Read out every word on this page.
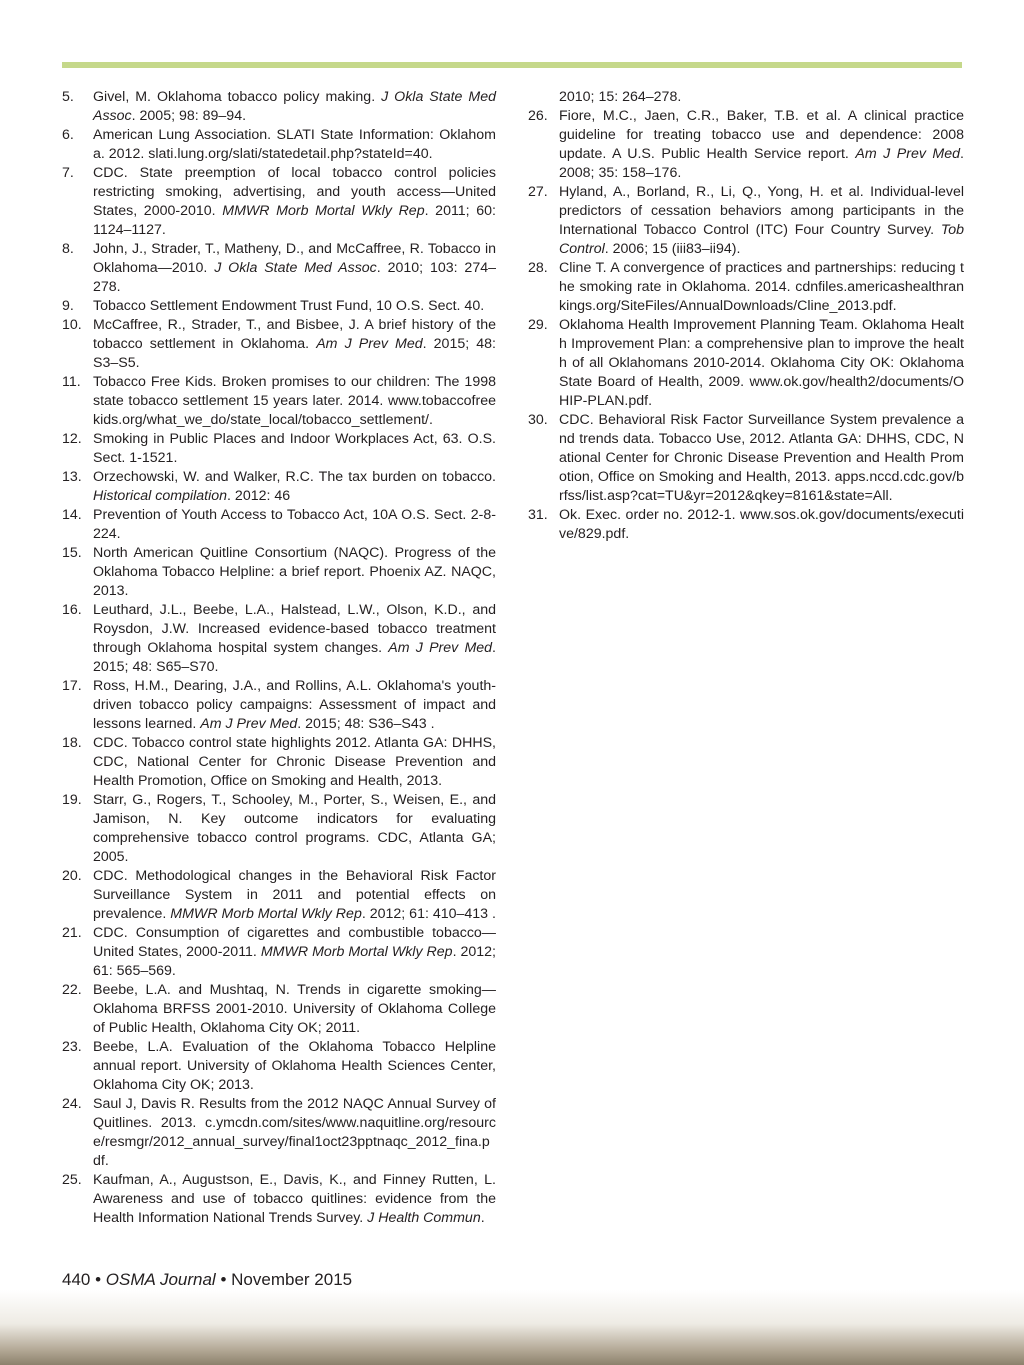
5.	Givel, M. Oklahoma tobacco policy making. J Okla State Med Assoc. 2005; 98: 89–94.
6.	American Lung Association. SLATI State Information: Oklahoma. 2012. slati.lung.org/slati/statedetail.php?stateId=40.
7.	CDC. State preemption of local tobacco control policies restricting smoking, advertising, and youth access—United States, 2000-2010. MMWR Morb Mortal Wkly Rep. 2011; 60: 1124–1127.
8.	John, J., Strader, T., Matheny, D., and McCaffree, R. Tobacco in Oklahoma—2010. J Okla State Med Assoc. 2010; 103: 274–278.
9.	Tobacco Settlement Endowment Trust Fund, 10 O.S. Sect. 40.
10. McCaffree, R., Strader, T., and Bisbee, J. A brief history of the tobacco settlement in Oklahoma. Am J Prev Med. 2015; 48: S3–S5.
11. Tobacco Free Kids. Broken promises to our children: The 1998 state tobacco settlement 15 years later. 2014. www.tobaccofreekids.org/what_we_do/state_local/tobacco_settlement/.
12. Smoking in Public Places and Indoor Workplaces Act, 63. O.S. Sect. 1-1521.
13. Orzechowski, W. and Walker, R.C. The tax burden on tobacco. Historical compilation. 2012: 46
14. Prevention of Youth Access to Tobacco Act, 10A O.S. Sect. 2-8-224.
15. North American Quitline Consortium (NAQC). Progress of the Oklahoma Tobacco Helpline: a brief report. Phoenix AZ. NAQC, 2013.
16. Leuthard, J.L., Beebe, L.A., Halstead, L.W., Olson, K.D., and Roysdon, J.W. Increased evidence-based tobacco treatment through Oklahoma hospital system changes. Am J Prev Med. 2015; 48: S65–S70.
17. Ross, H.M., Dearing, J.A., and Rollins, A.L. Oklahoma's youth-driven tobacco policy campaigns: Assessment of impact and lessons learned. Am J Prev Med. 2015; 48: S36–S43 .
18. CDC. Tobacco control state highlights 2012. Atlanta GA: DHHS, CDC, National Center for Chronic Disease Prevention and Health Promotion, Office on Smoking and Health, 2013.
19. Starr, G., Rogers, T., Schooley, M., Porter, S., Weisen, E., and Jamison, N. Key outcome indicators for evaluating comprehensive tobacco control programs. CDC, Atlanta GA; 2005.
20. CDC. Methodological changes in the Behavioral Risk Factor Surveillance System in 2011 and potential effects on prevalence. MMWR Morb Mortal Wkly Rep. 2012; 61: 410–413 .
21. CDC. Consumption of cigarettes and combustible tobacco—United States, 2000-2011. MMWR Morb Mortal Wkly Rep. 2012; 61: 565–569.
22. Beebe, L.A. and Mushtaq, N. Trends in cigarette smoking—Oklahoma BRFSS 2001-2010. University of Oklahoma College of Public Health, Oklahoma City OK; 2011.
23. Beebe, L.A. Evaluation of the Oklahoma Tobacco Helpline annual report. University of Oklahoma Health Sciences Center, Oklahoma City OK; 2013.
24. Saul J, Davis R. Results from the 2012 NAQC Annual Survey of Quitlines. 2013. c.ymcdn.com/sites/www.naquitline.org/resource/resmgr/2012_annual_survey/final1oct23pptnaqc_2012_fina.pdf.
25. Kaufman, A., Augustson, E., Davis, K., and Finney Rutten, L. Awareness and use of tobacco quitlines: evidence from the Health Information National Trends Survey. J Health Commun.
2010; 15: 264–278.
26. Fiore, M.C., Jaen, C.R., Baker, T.B. et al. A clinical practice guideline for treating tobacco use and dependence: 2008 update. A U.S. Public Health Service report. Am J Prev Med. 2008; 35: 158–176.
27. Hyland, A., Borland, R., Li, Q., Yong, H. et al. Individual-level predictors of cessation behaviors among participants in the International Tobacco Control (ITC) Four Country Survey. Tob Control. 2006; 15 (iii83–ii94).
28. Cline T. A convergence of practices and partnerships: reducing the smoking rate in Oklahoma. 2014. cdnfiles.americashealthrankings.org/SiteFiles/AnnualDownloads/Cline_2013.pdf.
29. Oklahoma Health Improvement Planning Team. Oklahoma Health Improvement Plan: a comprehensive plan to improve the health of all Oklahomans 2010-2014. Oklahoma City OK: Oklahoma State Board of Health, 2009. www.ok.gov/health2/documents/OHIP-PLAN.pdf.
30. CDC. Behavioral Risk Factor Surveillance System prevalence and trends data. Tobacco Use, 2012. Atlanta GA: DHHS, CDC, National Center for Chronic Disease Prevention and Health Promotion, Office on Smoking and Health, 2013. apps.nccd.cdc.gov/brfss/list.asp?cat=TU&yr=2012&qkey=8161&state=All.
31. Ok. Exec. order no. 2012-1. www.sos.ok.gov/documents/executive/829.pdf.
440 • OSMA Journal • November 2015
